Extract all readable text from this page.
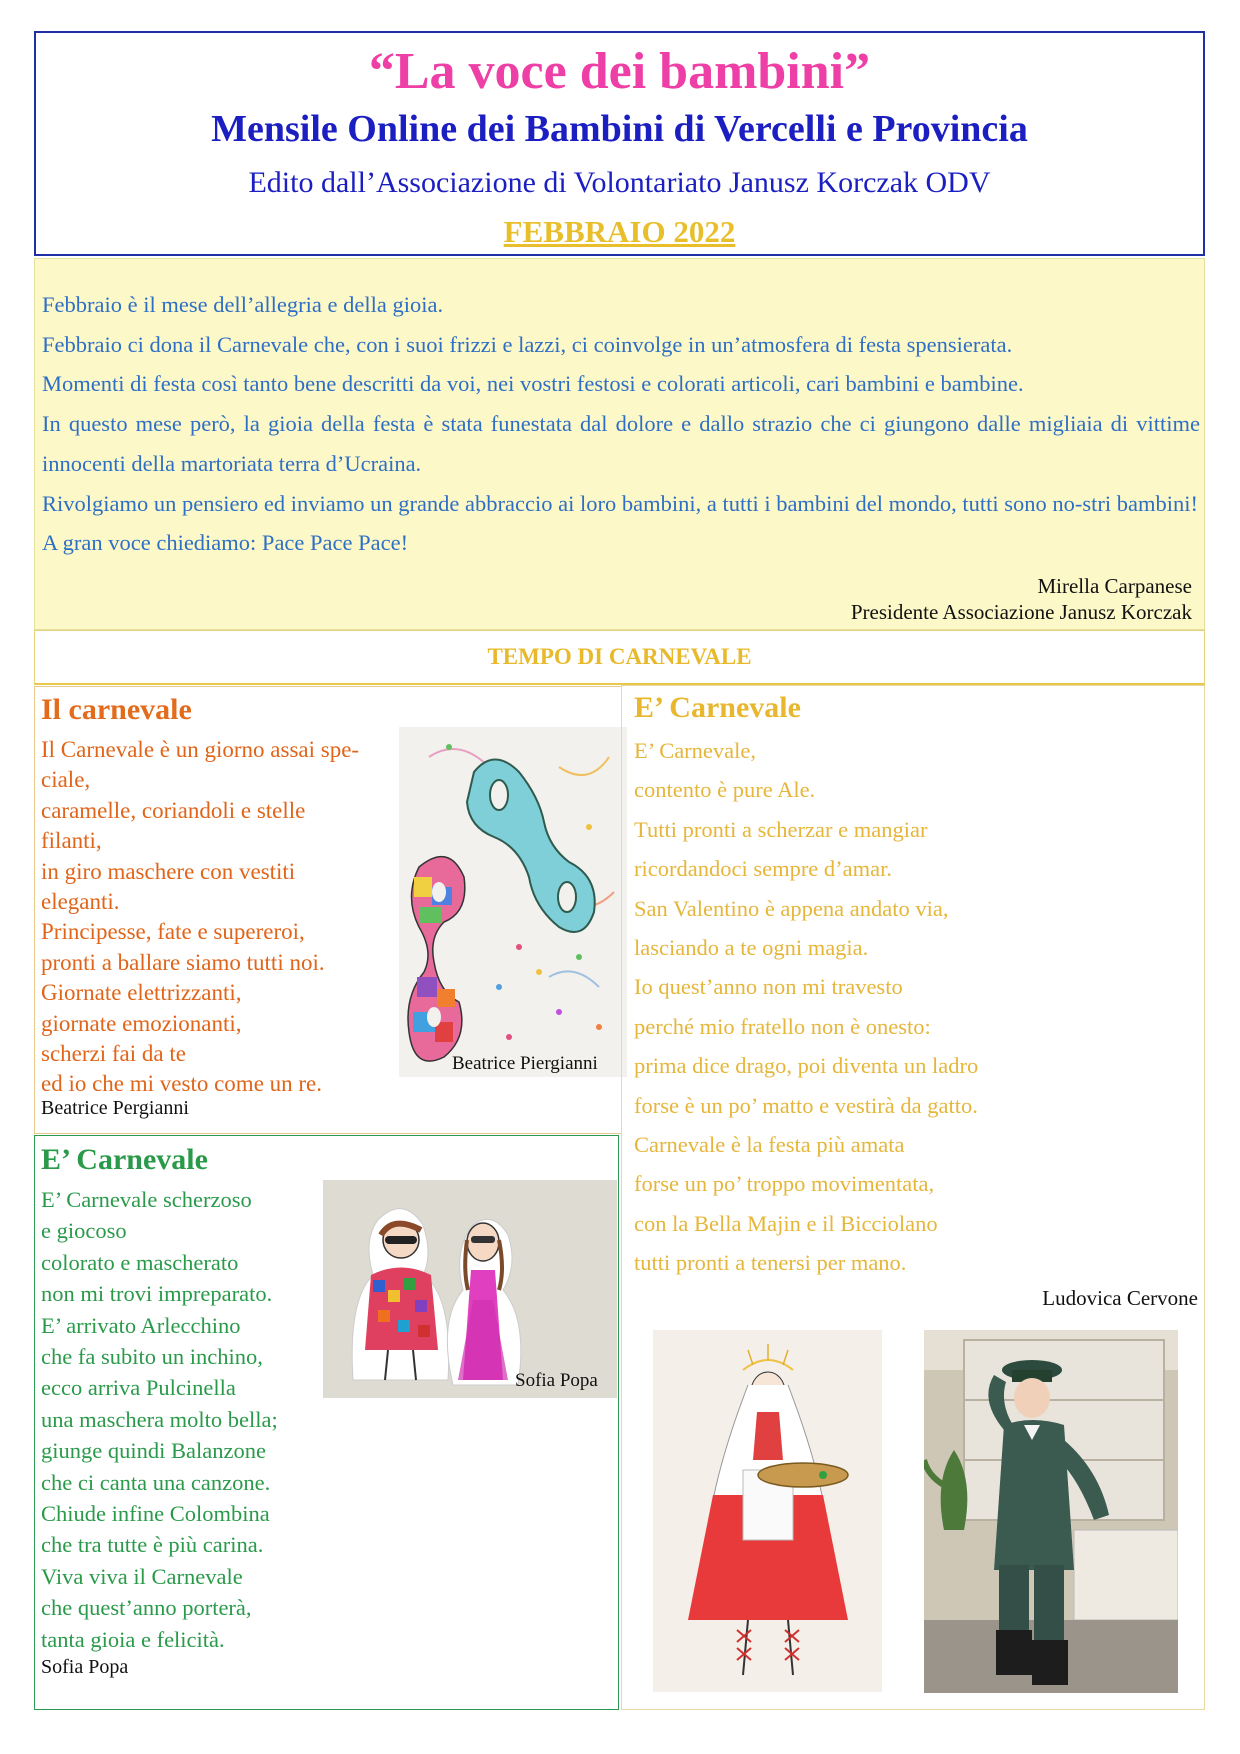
“La voce dei bambini”
Mensile Online dei Bambini di Vercelli e Provincia
Edito dall’Associazione di Volontariato Janusz Korczak ODV
FEBBRAIO 2022

Febbraio è il mese dell’allegria e della gioia.

Febbraio ci dona il Carnevale che, con i suoi frizzi e lazzi, ci coinvolge in un’atmosfera di festa spensierata.

Momenti di festa così tanto bene descritti da voi, nei vostri festosi e colorati articoli, cari bambini e bambine.

In questo mese però, la gioia della festa è stata funestata dal dolore e dallo strazio che ci giungono dalle migliaia di vittime innocenti della martoriata terra d’Ucraina.

Rivolgiamo un pensiero ed inviamo un grande abbraccio ai loro bambini, a tutti i bambini del mondo, tutti sono no-stri bambini!

A gran voce chiediamo: Pace Pace Pace!

Mirella Carpanese
Presidente Associazione Janusz Korczak
TEMPO DI CARNEVALE
Il carnevale
Il Carnevale è un giorno assai spe-
ciale,
caramelle, coriandoli e stelle
filanti,
in giro maschere con vestiti
eleganti.
Principesse, fate e supereroi,
pronti a ballare siamo tutti noi.
Giornate elettrizzanti,
giornate emozionanti,
scherzi fai da te
ed io che mi vesto come un re.
Beatrice Pergianni
Beatrice Piergianni
E’ Carnevale
E’ Carnevale,
contento è pure Ale.
Tutti pronti a scherzar e mangiar
ricordandoci sempre d’amar.
San Valentino è appena andato via,
lasciando a te ogni magia.
Io quest’anno non mi travesto
perché mio fratello non è onesto:
prima dice drago, poi diventa un ladro
forse è un po’ matto e vestirà da gatto.
Carnevale è la festa più amata
forse un po’ troppo movimentata,
con la Bella Majin e il Bicciolano
tutti pronti a tenersi per mano.
Ludovica Cervone
E’ Carnevale
E’ Carnevale scherzoso
e giocoso
colorato e mascherato
non mi trovi impreparato.
E’ arrivato Arlecchino
che fa subito un inchino,
ecco arriva Pulcinella
una maschera molto bella;
giunge quindi Balanzone
che ci canta una canzone.
Chiude infine Colombina
che tra tutte è più carina.
Viva viva il Carnevale
che quest’anno porterà,
tanta gioia e felicità.
Sofia Popa
Sofia Popa
